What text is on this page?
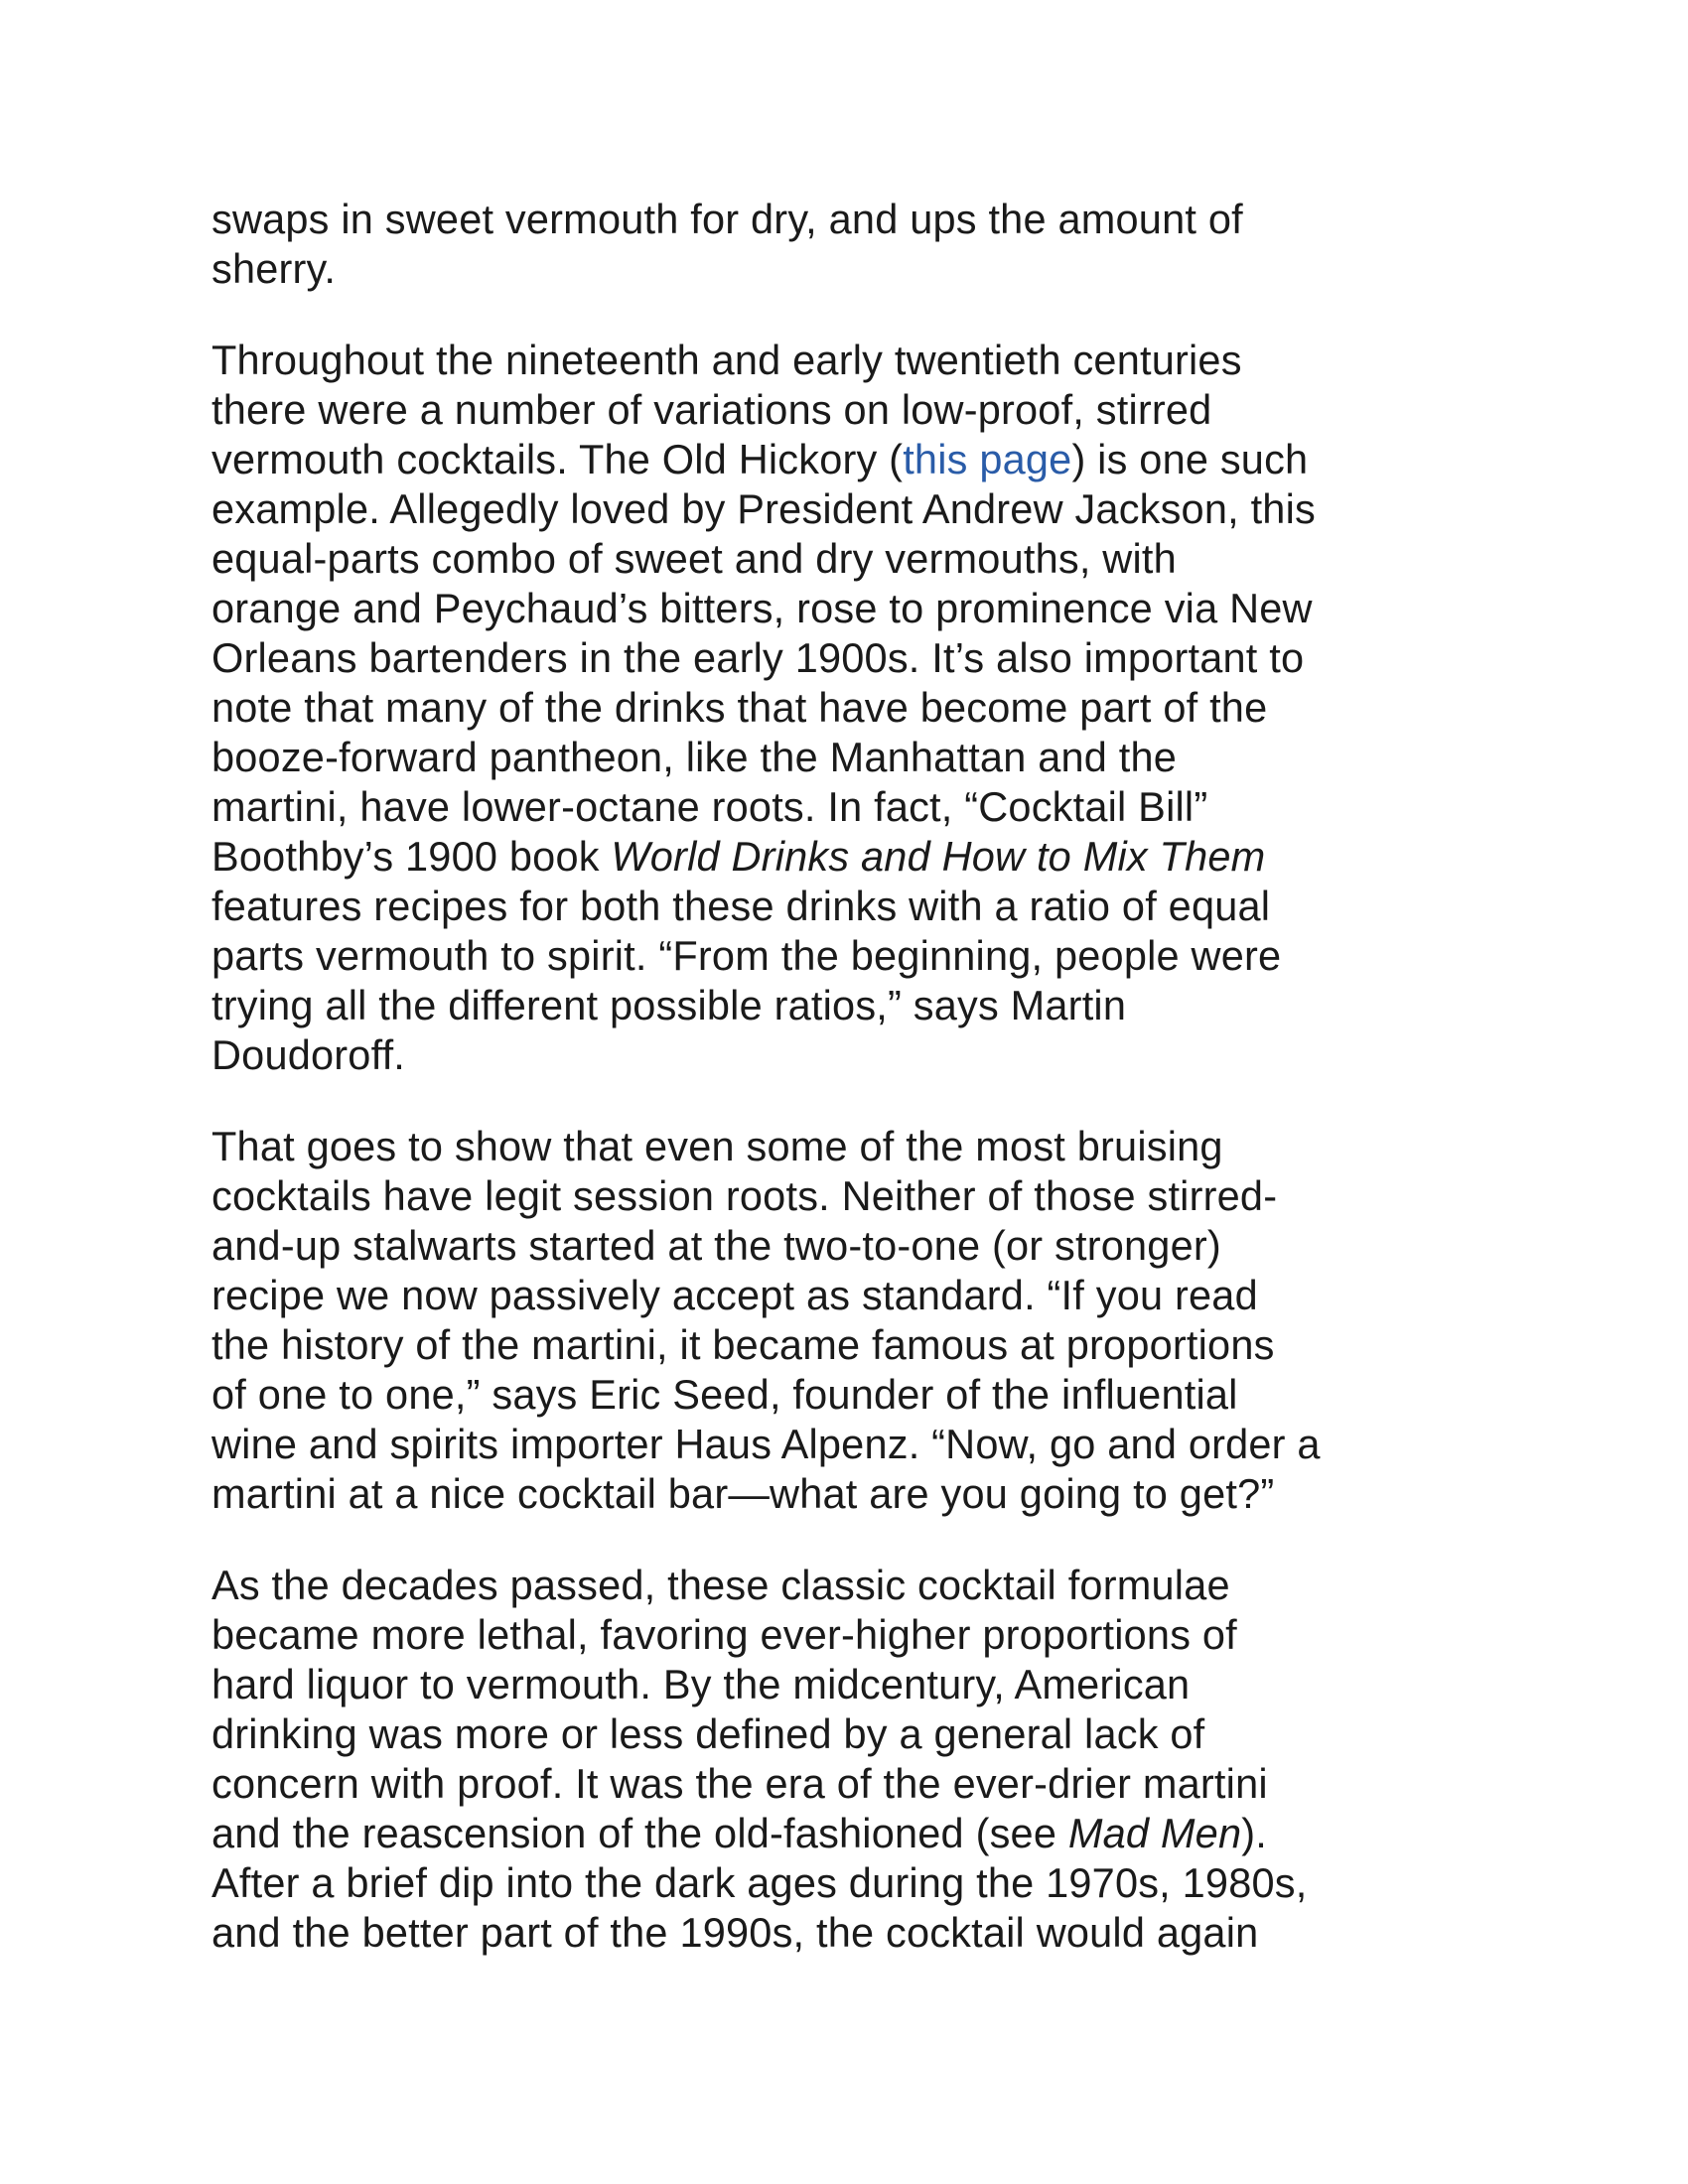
swaps in sweet vermouth for dry, and ups the amount of
sherry.

Throughout the nineteenth and early twentieth centuries
there were a number of variations on low-proof, stirred
vermouth cocktails. The Old Hickory (this page) is one such
example. Allegedly loved by President Andrew Jackson, this
equal-parts combo of sweet and dry vermouths, with
orange and Peychaud’s bitters, rose to prominence via New
Orleans bartenders in the early 1900s. It’s also important to
note that many of the drinks that have become part of the
booze-forward pantheon, like the Manhattan and the
martini, have lower-octane roots. In fact, “Cocktail Bill”
Boothby’s 1900 book World Drinks and How to Mix Them
features recipes for both these drinks with a ratio of equal
parts vermouth to spirit. “From the beginning, people were
trying all the different possible ratios,” says Martin
Doudoroff.

That goes to show that even some of the most bruising
cocktails have legit session roots. Neither of those stirred-
and-up stalwarts started at the two-to-one (or stronger)
recipe we now passively accept as standard. “If you read
the history of the martini, it became famous at proportions
of one to one,” says Eric Seed, founder of the influential
wine and spirits importer Haus Alpenz. “Now, go and order a
martini at a nice cocktail bar—what are you going to get?”

As the decades passed, these classic cocktail formulae
became more lethal, favoring ever-higher proportions of
hard liquor to vermouth. By the midcentury, American
drinking was more or less defined by a general lack of
concern with proof. It was the era of the ever-drier martini
and the reascension of the old-fashioned (see Mad Men).
After a brief dip into the dark ages during the 1970s, 1980s,
and the better part of the 1990s, the cocktail would again
